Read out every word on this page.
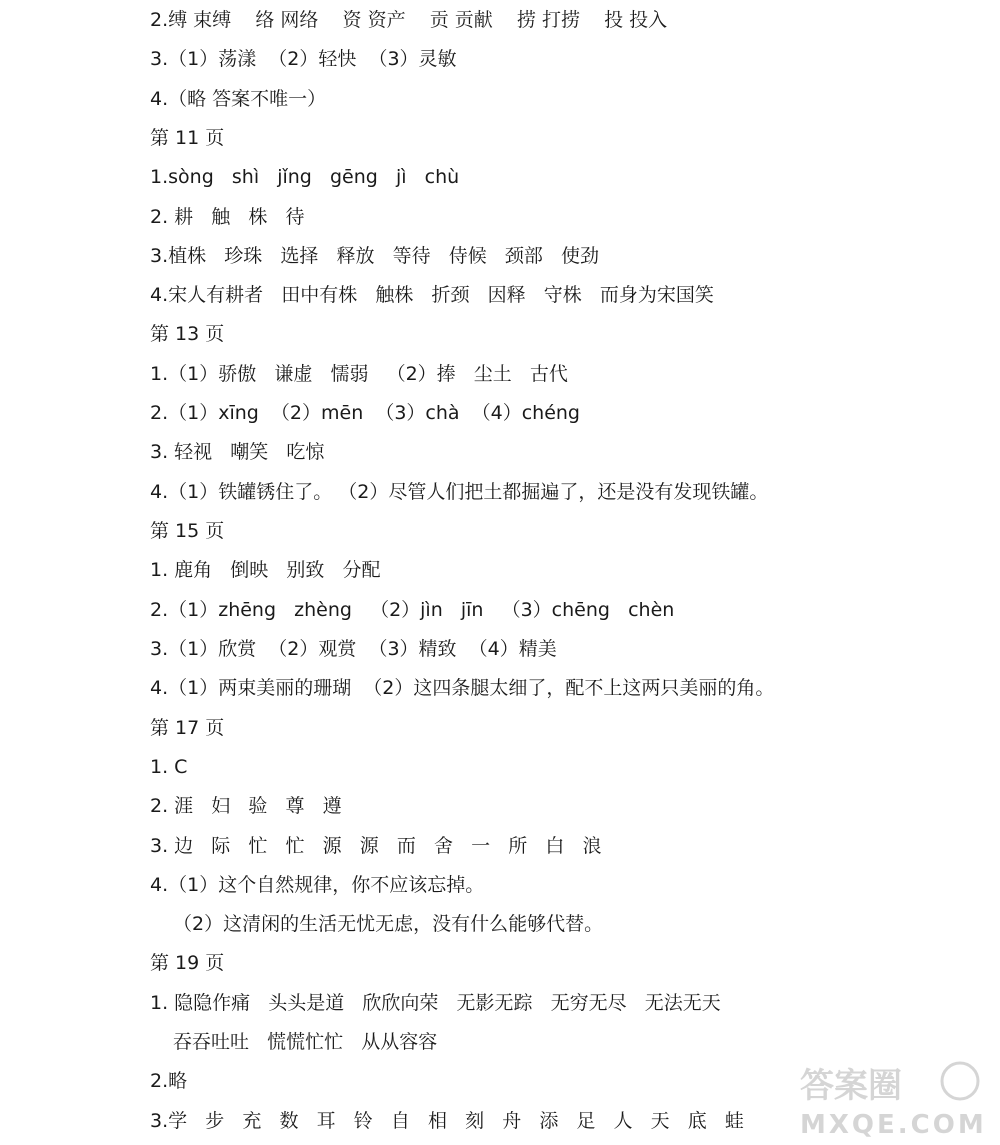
2.缚 束缚    络 网络    资 资产    贡 贡献    捞 打捞    投 投入
3.（1）荡漾  （2）轻快  （3）灵敏
4.（略 答案不唯一）
第 11 页
1.sòng   shì   jǐng   gēng   jì   chù
2. 耕   触   株   待
3.植株   珍珠   选择   释放   等待   侍候   颈部   使劲
4.宋人有耕者   田中有株   触株   折颈   因释   守株   而身为宋国笑
第 13 页
1.（1）骄傲   谦虚   懦弱   （2）捧   尘土   古代
2.（1）xīng  （2）mēn  （3）chà  （4）chéng
3. 轻视   嘲笑   吃惊
4.（1）铁罐锈住了。 （2）尽管人们把土都掘遍了，还是没有发现铁罐。
第 15 页
1. 鹿角   倒映   别致   分配
2.（1）zhēng   zhèng   （2）jìn   jīn   （3）chēng   chèn
3.（1）欣赏  （2）观赏  （3）精致  （4）精美
4.（1）两束美丽的珊瑚  （2）这四条腿太细了，配不上这两只美丽的角。
第 17 页
1. C
2. 涯   妇   验   尊   遵
3. 边   际   忙   忙   源   源   而   舍   一   所   白   浪
4.（1）这个自然规律，你不应该忘掉。
（2）这清闲的生活无忧无虑，没有什么能够代替。
第 19 页
1. 隐隐作痛   头头是道   欣欣向荣   无影无踪   无穷无尽   无法无天
吞吞吐吐   慌慌忙忙   从从容容
2.略
3.学   步   充   数   耳   铃   自   相   刻   舟   添   足   人   天   底   蛙
答案圈
MXQE.COM
